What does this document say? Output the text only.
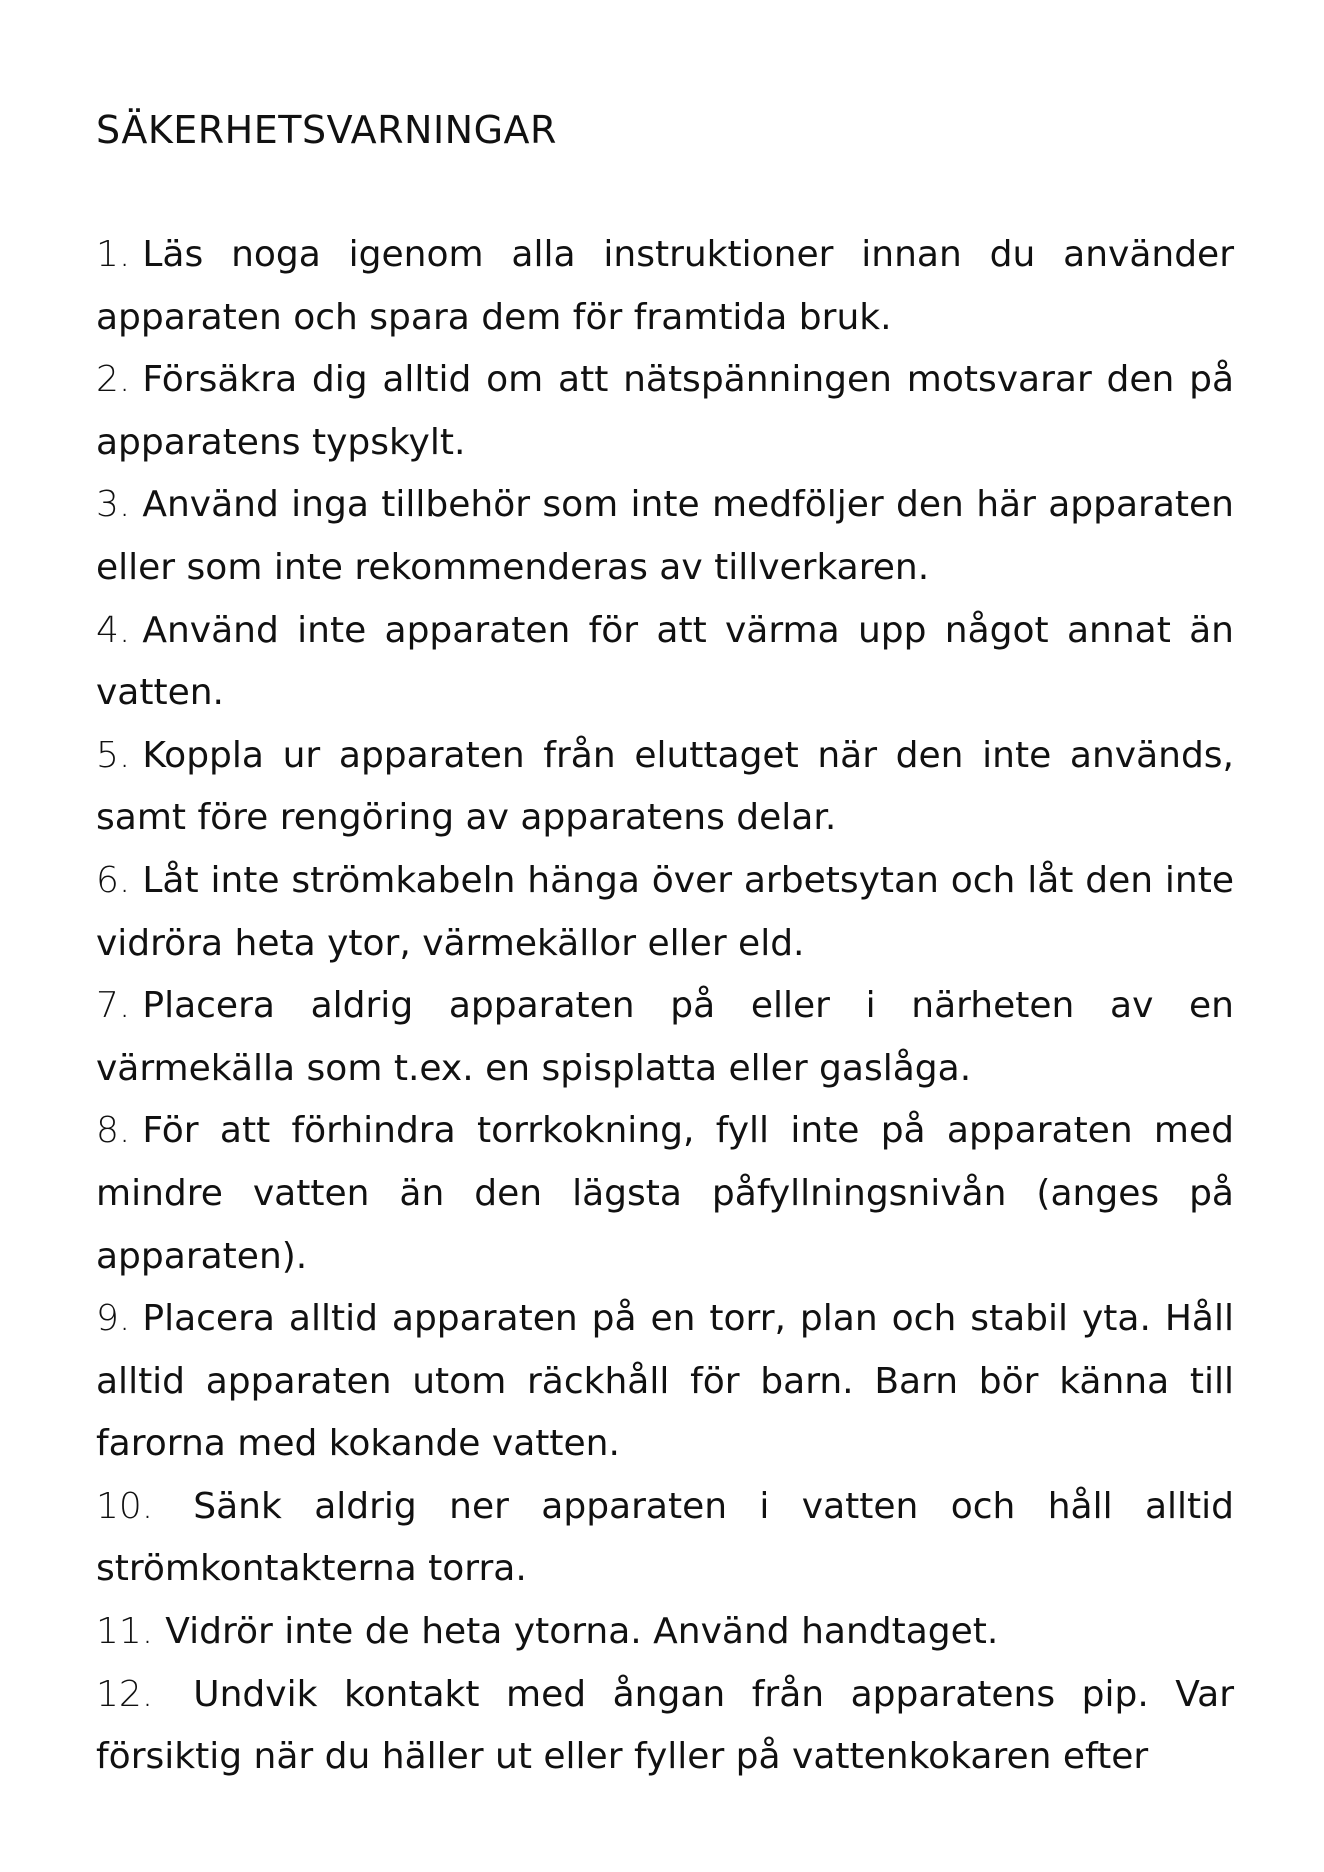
SÄKERHETSVARNINGAR
1. Läs noga igenom alla instruktioner innan du använder apparaten och spara dem för framtida bruk.
2. Försäkra dig alltid om att nätspänningen motsvarar den på apparatens typskylt.
3. Använd inga tillbehör som inte medföljer den här apparaten eller som inte rekommenderas av tillverkaren.
4. Använd inte apparaten för att värma upp något annat än vatten.
5. Koppla ur apparaten från eluttaget när den inte används, samt före rengöring av apparatens delar.
6. Låt inte strömkabeln hänga över arbetsytan och låt den inte vidröra heta ytor, värmekällor eller eld.
7. Placera aldrig apparaten på eller i närheten av en värmekälla som t.ex. en spisplatta eller gaslåga.
8. För att förhindra torrkokning, fyll inte på apparaten med mindre vatten än den lägsta påfyllningsnivån (anges på apparaten).
9. Placera alltid apparaten på en torr, plan och stabil yta. Håll alltid apparaten utom räckhåll för barn. Barn bör känna till farorna med kokande vatten.
10. Sänk aldrig ner apparaten i vatten och håll alltid strömkontakterna torra.
11. Vidrör inte de heta ytorna. Använd handtaget.
12. Undvik kontakt med ångan från apparatens pip. Var försiktig när du häller ut eller fyller på vattenkokaren efter
